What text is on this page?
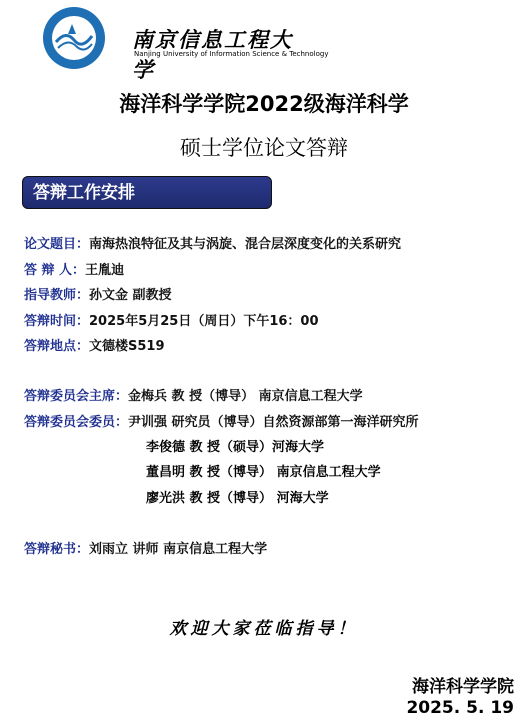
南京信息工程大学
Nanjing University of Information Science & Technology
海洋科学学院2022级海洋科学
硕士学位论文答辩
答辩工作安排
论文题目：南海热浪特征及其与涡旋、混合层深度变化的关系研究
答 辩 人：王胤迪
指导教师：孙文金 副教授
答辩时间：2025年5月25日（周日）下午16：00
答辩地点：文德楼S519
答辩委员会主席：金梅兵 教 授（博导） 南京信息工程大学
答辩委员会委员：尹训强 研究员（博导）自然资源部第一海洋研究所
李俊德 教 授（硕导）河海大学
董昌明 教 授（博导） 南京信息工程大学
廖光洪 教 授（博导） 河海大学
答辩秘书：刘雨立 讲师 南京信息工程大学
欢迎大家莅临指导！
海洋科学学院
2025. 5. 19
